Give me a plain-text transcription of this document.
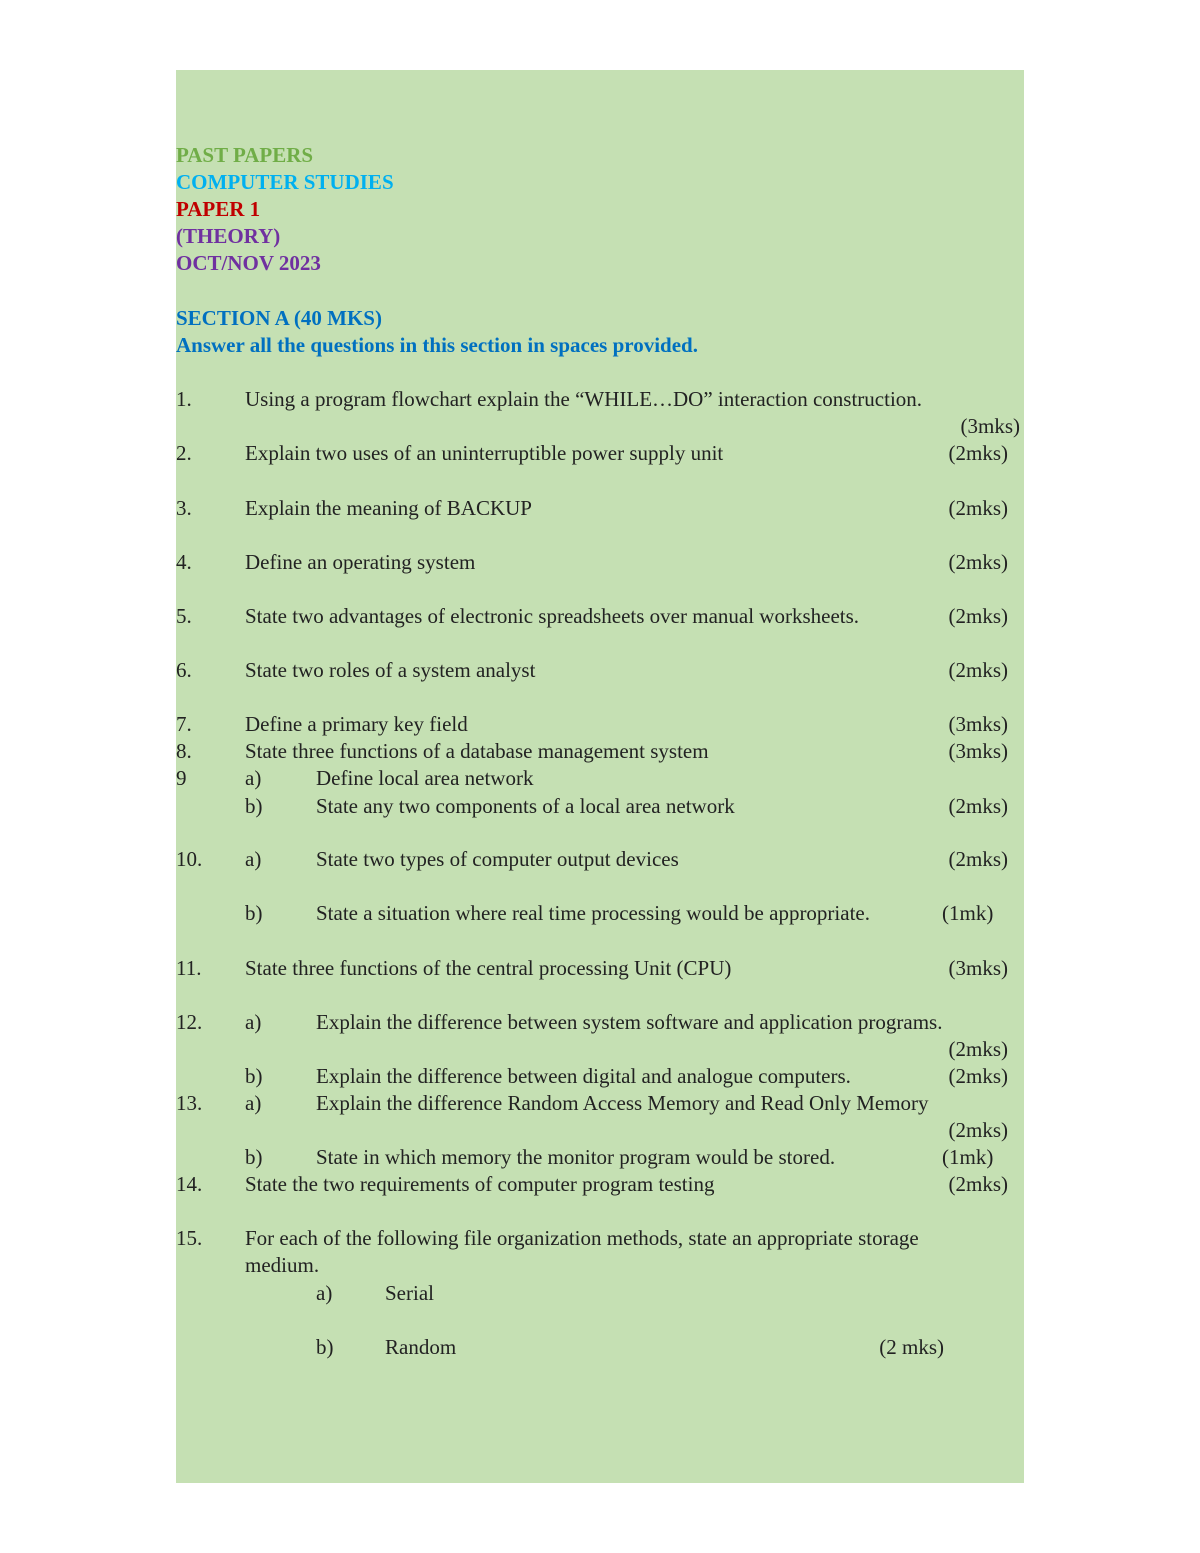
PAST PAPERS
COMPUTER STUDIES
PAPER 1
(THEORY)
OCT/NOV 2023
SECTION A (40 MKS)
Answer all the questions in this section in spaces provided.
1.	Using a program flowchart explain the “WHILE…DO” interaction construction.
(3mks)
2.	Explain two uses of an uninterruptible power supply unit	(2mks)
3.	Explain the meaning of BACKUP	(2mks)
4.	Define an operating system	(2mks)
5.	State two advantages of electronic spreadsheets over manual worksheets.	(2mks)
6.	State two roles of a system analyst	(2mks)
7.	Define a primary key field	(3mks)
8.	State three functions of a database management system	(3mks)
9	a)	Define local area network
b)	State any two components of a local area network	(2mks)
10. a)	State two types of computer output devices	(2mks)
b)	State a situation where real time processing would be appropriate.	(1mk)
11. State three functions of the central processing Unit (CPU)	(3mks)
12. a)	Explain the difference between system software and application programs.
(2mks)
b)	Explain the difference between digital and analogue computers.	(2mks)
13. a)	Explain the difference Random Access Memory and Read Only Memory
(2mks)
b)	State in which memory the monitor program would be stored.	(1mk)
14. State the two requirements of computer program testing	(2mks)
15. For each of the following file organization methods, state an appropriate storage
medium.
a)	Serial
b) Random	(2 mks)
